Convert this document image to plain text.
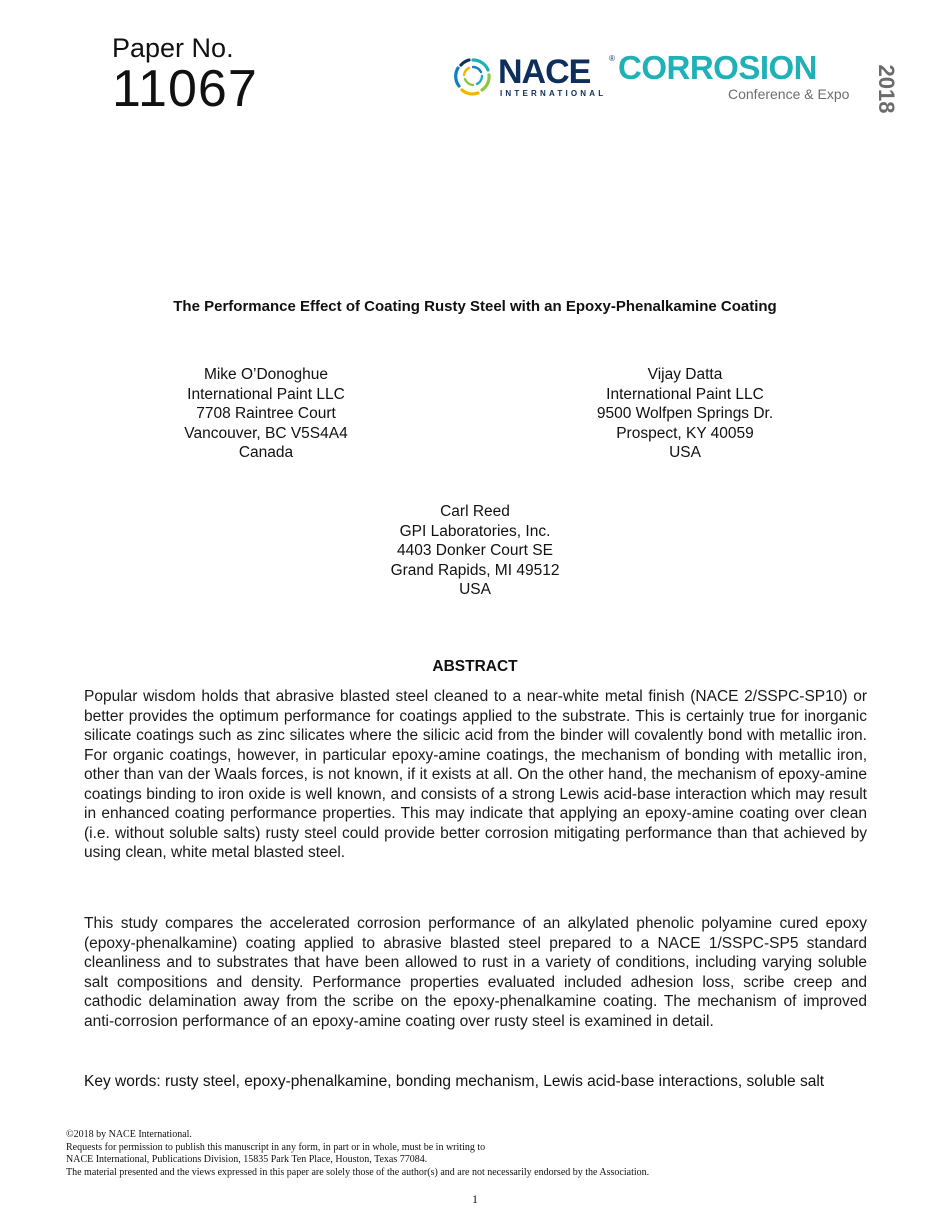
Paper No.
11067	NACE ®
INTERNATIONAL
CORROSION
Conference & Expo 2018
The Performance Effect of Coating Rusty Steel with an Epoxy-Phenalkamine Coating
Mike O’Donoghue
International Paint LLC
7708 Raintree Court
Vancouver, BC V5S4A4
Canada
Vijay Datta
International Paint LLC
9500 Wolfpen Springs Dr.
Prospect, KY 40059
USA
Carl Reed
GPI Laboratories, Inc.
4403 Donker Court SE
Grand Rapids, MI 49512
USA
ABSTRACT

Popular wisdom holds that abrasive blasted steel cleaned to a near-white metal finish (NACE 2/SSPC-SP10) or better provides the optimum performance for coatings applied to the substrate. This is certainly true for inorganic silicate coatings such as zinc silicates where the silicic acid from the binder will covalently bond with metallic iron. For organic coatings, however, in particular epoxy-amine coatings, the mechanism of bonding with metallic iron, other than van der Waals forces, is not known, if it exists at all. On the other hand, the mechanism of epoxy-amine coatings binding to iron oxide is well known, and consists of a strong Lewis acid-base interaction which may result in enhanced coating performance properties. This may indicate that applying an epoxy-amine coating over clean (i.e. without soluble salts) rusty steel could provide better corrosion mitigating performance than that achieved by using clean, white metal blasted steel.

This study compares the accelerated corrosion performance of an alkylated phenolic polyamine cured epoxy (epoxy-phenalkamine) coating applied to abrasive blasted steel prepared to a NACE 1/SSPC-SP5 standard cleanliness and to substrates that have been allowed to rust in a variety of conditions, including varying soluble salt compositions and density. Performance properties evaluated included adhesion loss, scribe creep and cathodic delamination away from the scribe on the epoxy-phenalkamine coating. The mechanism of improved anti-corrosion performance of an epoxy-amine coating over rusty steel is examined in detail.

Key words: rusty steel, epoxy-phenalkamine, bonding mechanism, Lewis acid-base interactions, soluble salt
©2018 by NACE International.
Requests for permission to publish this manuscript in any form, in part or in whole, must be in writing to
NACE International, Publications Division, 15835 Park Ten Place, Houston, Texas 77084.
The material presented and the views expressed in this paper are solely those of the author(s) and are not necessarily endorsed by the Association.
1
